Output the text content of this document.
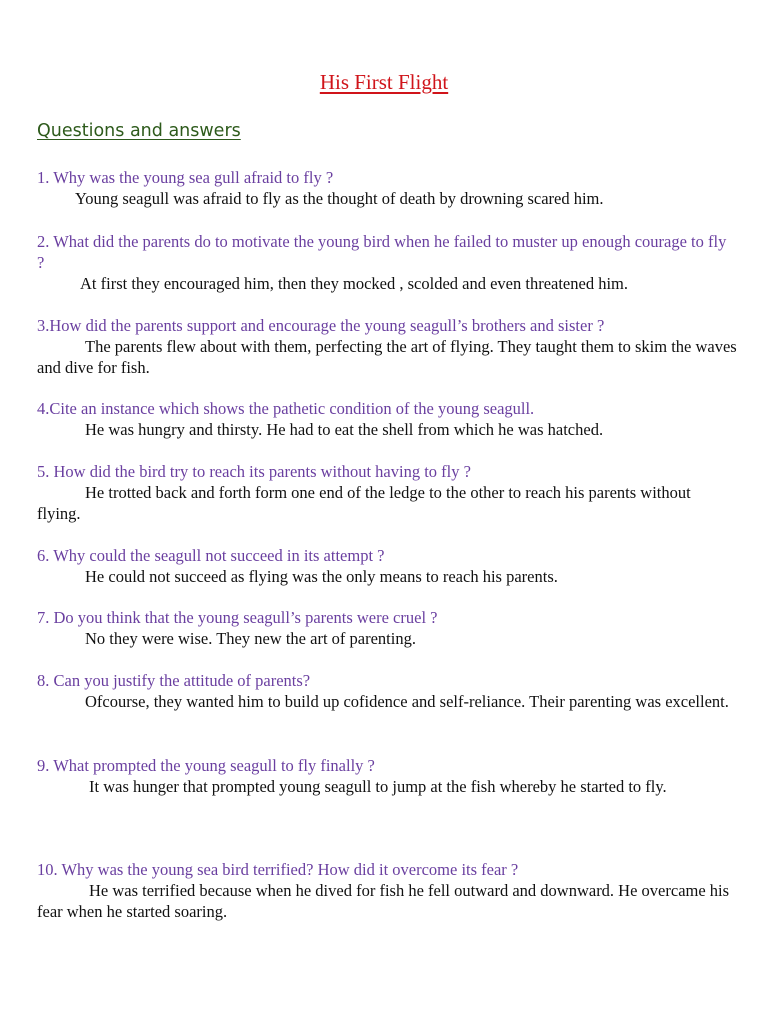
His First Flight
Questions and answers
1. Why was the young sea gull afraid to fly ?
Young seagull was afraid to fly as the thought of death by drowning scared him.
2. What did the parents do to motivate the young bird when he failed to muster up enough courage to fly ?
At first they encouraged him, then they mocked , scolded and even threatened him.
3.How did the parents support and encourage the young seagull’s brothers and sister ?
The parents flew about with them, perfecting the art of flying. They taught them to skim the waves and dive for fish.
4.Cite an instance which shows the pathetic condition of the young seagull.
He was hungry and thirsty. He had to eat the shell from which he was hatched.
5. How did the bird try to reach its parents without having to fly ?
He trotted back and forth form one end of the ledge to the other to reach his parents without flying.
6. Why could the seagull not succeed in its attempt ?
He could not succeed as flying was the only means to reach his parents.
7. Do you think that the young seagull’s parents were cruel ?
No they were wise. They new the art of parenting.
8. Can you justify the attitude of parents?
Ofcourse, they wanted him to build up cofidence and self-reliance. Their parenting was excellent.
9. What prompted the young seagull to fly finally ?
It was hunger that prompted young seagull to jump at the fish whereby he started to fly.
10. Why was the young sea bird terrified? How did it overcome its fear ?
He was terrified because when he dived for fish he fell outward and downward. He overcame his fear when he started soaring.
